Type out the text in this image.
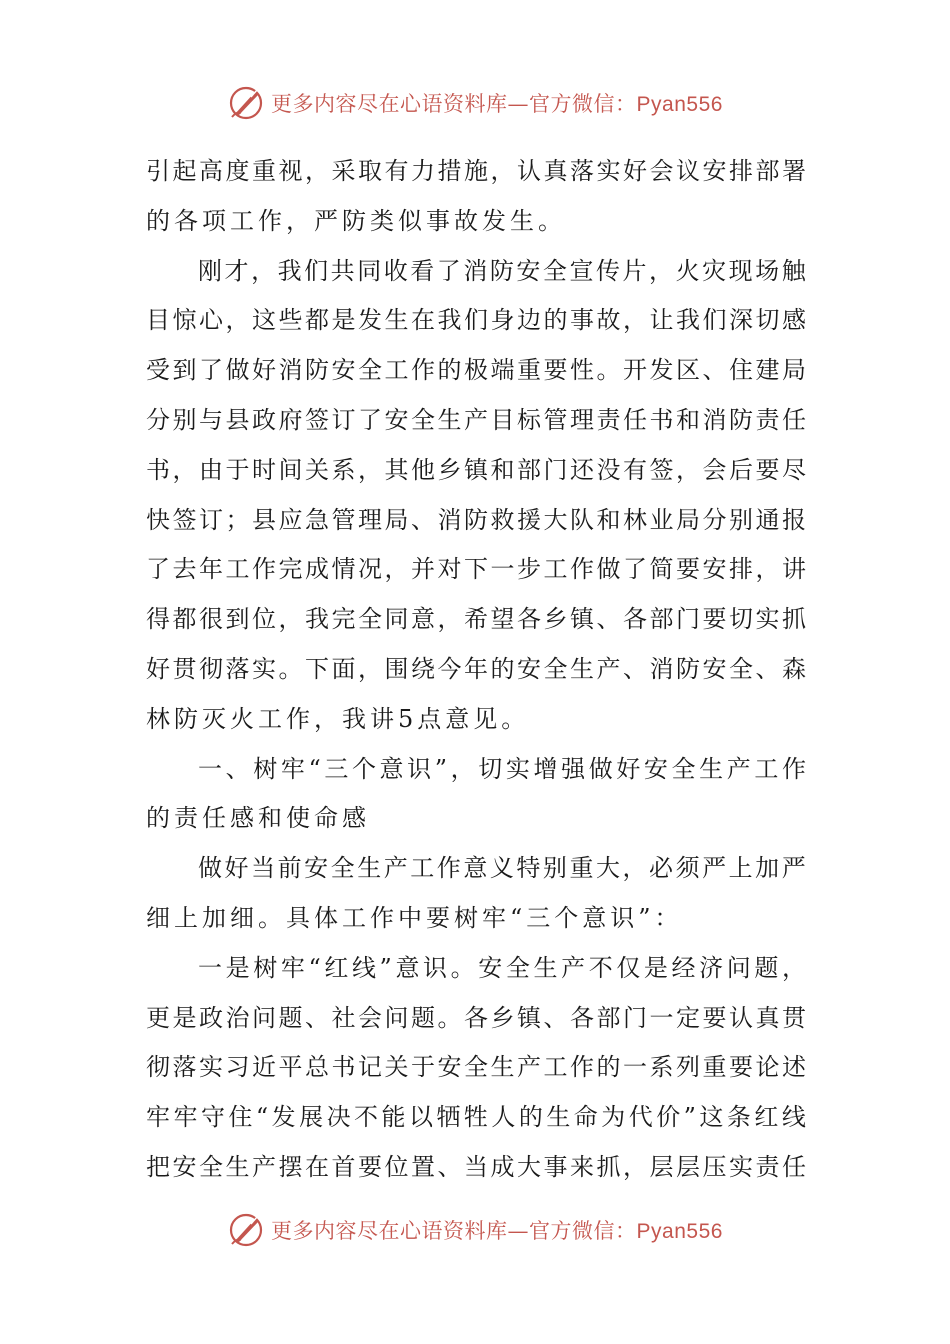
更多内容尽在心语资料库—官方微信：Pyan556
引 起 高 度 重 视 ， 采 取 有 力 措 施 ， 认 真 落 实 好 会 议 安 排 部 署
的各项工作，严防类似事故发生。
刚 才 ， 我 们 共 同 收 看 了 消 防 安 全 宣 传 片 ， 火 灾 现 场 触
目 惊 心 ， 这 些 都 是 发 生 在 我 们 身 边 的 事 故 ， 让 我 们 深 切 感
受 到 了 做 好 消 防 安 全 工 作 的 极 端 重 要 性 。 开 发 区 、 住 建 局
分 别 与 县 政 府 签 订 了 安 全 生 产 目 标 管 理 责 任 书 和 消 防 责 任
书 ， 由 于 时 间 关 系 ， 其 他 乡 镇 和 部 门 还 没 有 签 ， 会 后 要 尽
快 签 订 ； 县 应 急 管 理 局 、 消 防 救 援 大 队 和 林 业 局 分 别 通 报
了 去 年 工 作 完 成 情 况 ， 并 对 下 一 步 工 作 做 了 简 要 安 排 ， 讲
得 都 很 到 位 ， 我 完 全 同 意 ， 希 望 各 乡 镇 、 各 部 门 要 切 实 抓
好 贯 彻 落 实 。 下 面 ， 围 绕 今 年 的 安 全 生 产 、 消 防 安 全 、 森
林防灭火工作，我讲5点意见。
一 、 树 牢 “ 三 个 意 识 ” ， 切 实 增 强 做 好 安 全 生 产 工 作
的责任感和使命感
做 好 当 前 安 全 生 产 工 作 意 义 特 别 重 大 ， 必 须 严 上 加 严
细上加细。具体工作中要树牢“三个意识”：
一 是 树 牢 “ 红 线 ” 意 识 。 安 全 生 产 不 仅 是 经 济 问 题 ，
更 是 政 治 问 题 、 社 会 问 题 。 各 乡 镇 、 各 部 门 一 定 要 认 真 贯
彻 落 实 习 近 平 总 书 记 关 于 安 全 生 产 工 作 的 一 系 列 重 要 论 述
牢 牢 守 住 “ 发 展 决 不 能 以 牺 牲 人 的 生 命 为 代 价 ” 这 条 红 线
把 安 全 生 产 摆 在 首 要 位 置 、 当 成 大 事 来 抓 ， 层 层 压 实 责 任
更多内容尽在心语资料库—官方微信：Pyan556
